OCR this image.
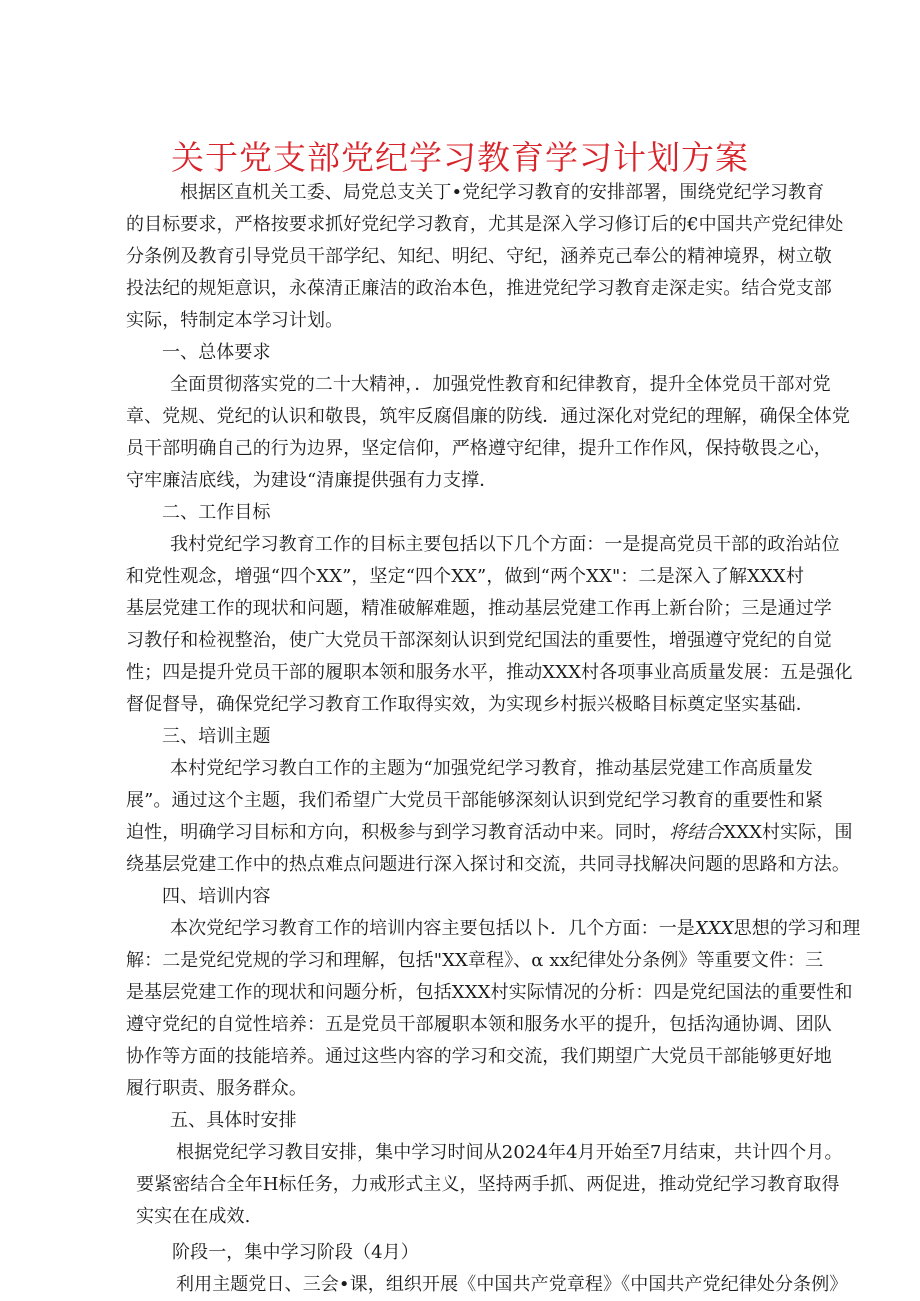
关于党支部党纪学习教育学习计划方案
根据区直机关工委、局党总支关丁•党纪学习教育的安排部署，围绕党纪学习教育
的目标要求，严格按要求抓好党纪学习教育，尤其是深入学习修订后的€中国共产党纪律处
分条例及教育引导党员干部学纪、知纪、明纪、守纪，涵养克己奉公的精神境界，树立敬
投法纪的规矩意识，永葆清正廉洁的政治本色，推进党纪学习教育走深走实。结合党支部
实际，特制定本学习计划。
一、总体要求
全面贯彻落实党的二十大精神，．加强党性教育和纪律教育，提升全体党员干部对党
章、党规、党纪的认识和敬畏，筑牢反腐倡廉的防线．通过深化对党纪的理解，确保全体党
员干部明确自己的行为边界，坚定信仰，严格遵守纪律，提升工作作风，保持敬畏之心，
守牢廉洁底线，为建设“清廉提供强有力支撑．
二、工作目标
我村党纪学习教育工作的目标主要包括以下几个方面：一是提高党员干部的政治站位
和党性观念，增强“四个XX”，坚定“四个XX”，做到“两个XX"：二是深入了解XXX村
基层党建工作的现状和问题，精准破解难题，推动基层党建工作再上新台阶；三是通过学
习教仔和检视整治，使广大党员干部深刻认识到党纪国法的重要性，增强遵守党纪的自觉
性；四是提升党员干部的履职本领和服务水平，推动XXX村各项事业高质量发展：五是强化
督促督导，确保党纪学习教育工作取得实效，为实现乡村振兴极略目标奠定坚实基础．
三、培训主题
本村党纪学习教白工作的主题为“加强党纪学习教育，推动基层党建工作高质量发
展”。通过这个主题，我们希望广大党员干部能够深刻认识到党纪学习教育的重要性和紧
迫性，明确学习目标和方向，积极参与到学习教育活动中来。同时，将结合XXX村实际，围
绕基层党建工作中的热点难点问题进行深入探讨和交流，共同寻找解决问题的思路和方法。
四、培训内容
本次党纪学习教育工作的培训内容主要包括以卜．几个方面：一是XXX思想的学习和理
解：二是党纪党规的学习和理解，包括"XX章程》、α xx纪律处分条例》等重要文件：三
是基层党建工作的现状和问题分析，包括XXX村实际情况的分析：四是党纪国法的重要性和
遵守党纪的自觉性培养：五是党员干部履职本领和服务水平的提升，包括沟通协调、团队
协作等方面的技能培养。通过这些内容的学习和交流，我们期望广大党员干部能够更好地
履行职责、服务群众。
五、具体时安排
根据党纪学习教目安排，集中学习时间从2024年4月开始至7月结束，共计四个月。
要紧密结合全年H标任务，力戒形式主义，坚持两手抓、两促进，推动党纪学习教育取得
实实在在成效.
阶段一，集中学习阶段（4月）
利用主题党日、三会•课，组织开展《中国共产党章程》《中国共产党纪律处分条例》
